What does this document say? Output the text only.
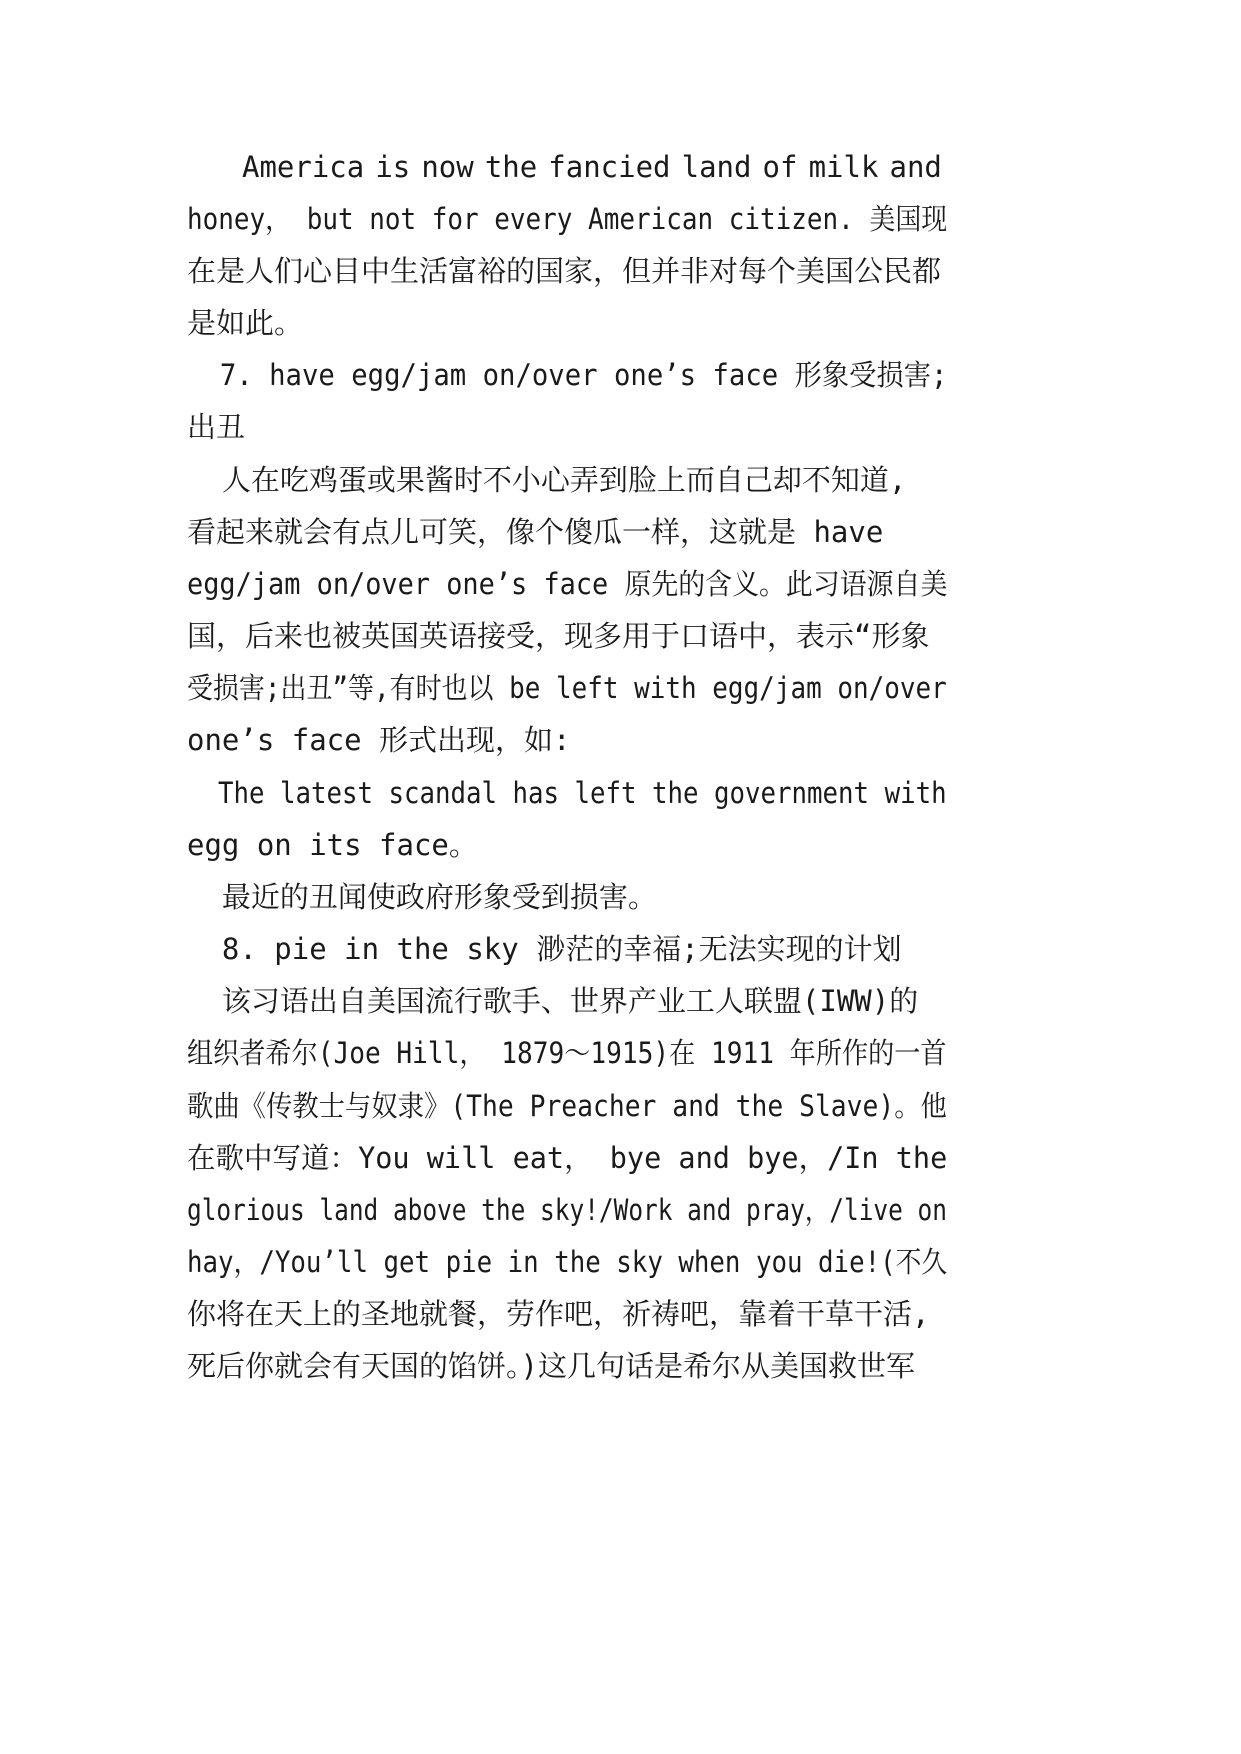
America is now the fancied land of milk and
honey， but not for every American citizen. 美国现
在是人们心目中生活富裕的国家，但并非对每个美国公民都
是如此。
7. have egg/jam on/over one’s face 形象受损害;
出丑
人在吃鸡蛋或果酱时不小心弄到脸上而自己却不知道,
看起来就会有点儿可笑，像个傻瓜一样，这就是 have
egg/jam on/over one’s face 原先的含义。此习语源自美
国，后来也被英国英语接受，现多用于口语中，表示“形象
受损害;出丑”等,有时也以 be left with egg/jam on/over
one’s face 形式出现，如:
The latest scandal has left the government with
egg on its face。
最近的丑闻使政府形象受到损害。
8. pie in the sky 渺茫的幸福;无法实现的计划
该习语出自美国流行歌手、世界产业工人联盟(IWW)的
组织者希尔(Joe Hill， 1879～1915)在 1911 年所作的一首
歌曲《传教士与奴隶》(The Preacher and the Slave)。他
在歌中写道：You will eat， bye and bye，/In the
glorious land above the sky!/Work and pray，/live on
hay，/You’ll get pie in the sky when you die!(不久
你将在天上的圣地就餐，劳作吧，祈祷吧，靠着干草干活,
死后你就会有天国的馅饼。)这几句话是希尔从美国救世军
